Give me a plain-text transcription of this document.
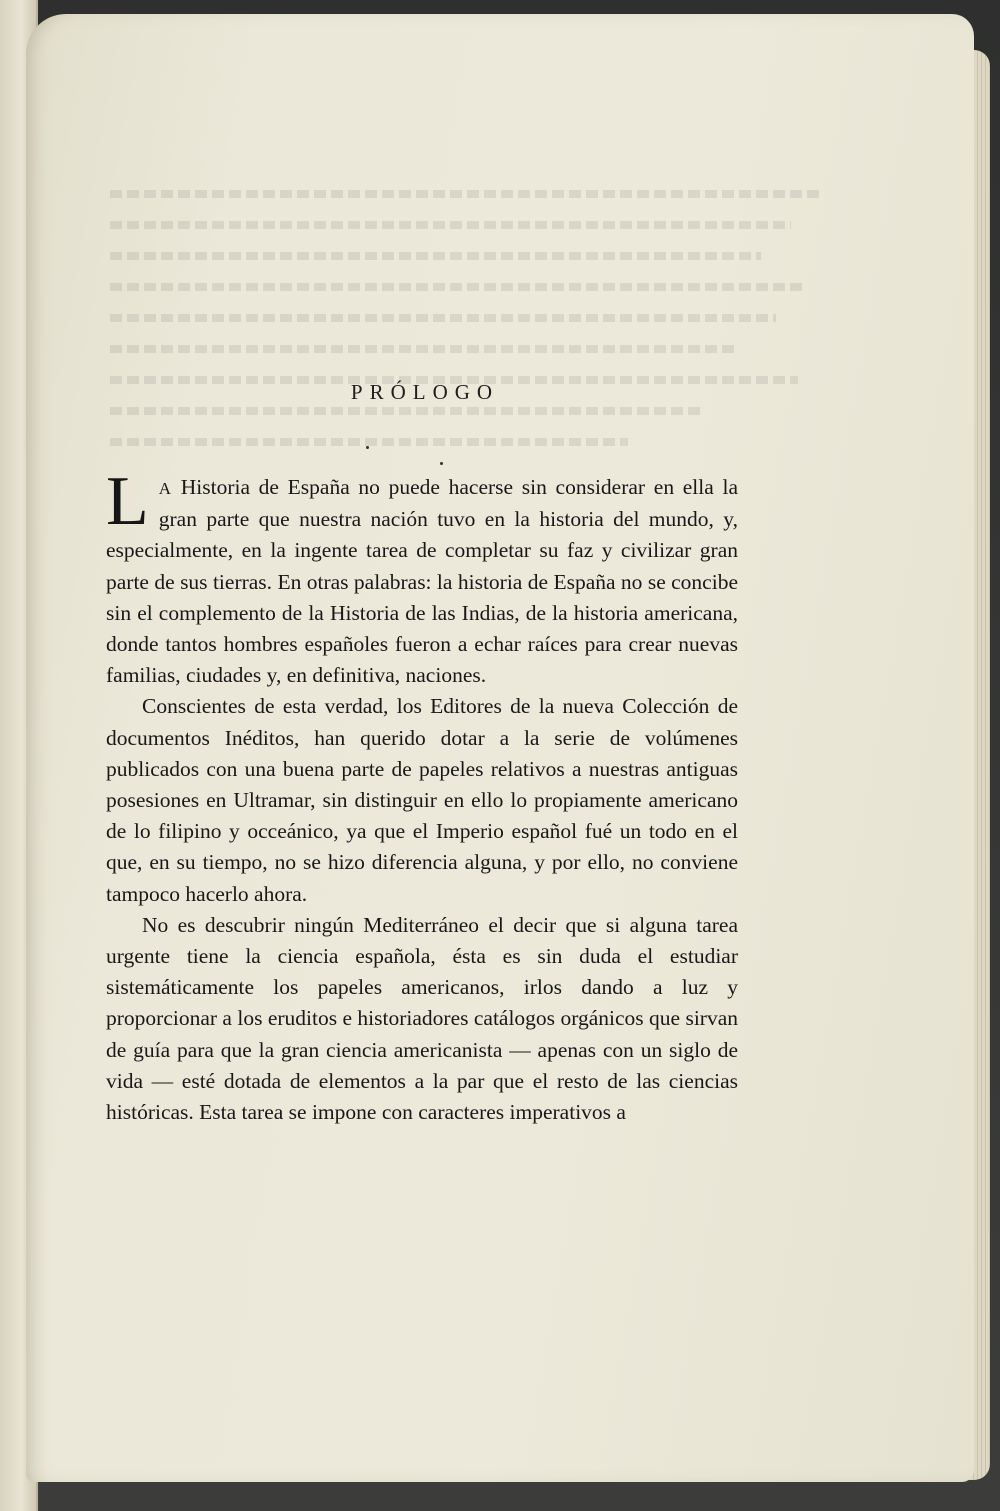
PRÓLOGO

L A Historia de España no puede hacerse sin considerar en ella la gran parte que nuestra nación tuvo en la historia del mundo, y, especialmente, en la ingente tarea de completar su faz y civilizar gran parte de sus tierras. En otras palabras: la historia de España no se concibe sin el complemento de la Historia de las Indias, de la historia americana, donde tantos hombres españoles fueron a echar raíces para crear nuevas familias, ciudades y, en definitiva, naciones.

Conscientes de esta verdad, los Editores de la nueva Colección de documentos Inéditos, han querido dotar a la serie de volúmenes publicados con una buena parte de papeles relativos a nuestras antiguas posesiones en Ultramar, sin distinguir en ello lo propiamente americano de lo filipino y occeánico, ya que el Imperio español fué un todo en el que, en su tiempo, no se hizo diferencia alguna, y por ello, no conviene tampoco hacerlo ahora.

No es descubrir ningún Mediterráneo el decir que si alguna tarea urgente tiene la ciencia española, ésta es sin duda el estudiar sistemáticamente los papeles americanos, irlos dando a luz y proporcionar a los eruditos e historiadores catálogos orgánicos que sirvan de guía para que la gran ciencia americanista — apenas con un siglo de vida — esté dotada de elementos a la par que el resto de las ciencias históricas. Esta tarea se impone con caracteres imperativos a
